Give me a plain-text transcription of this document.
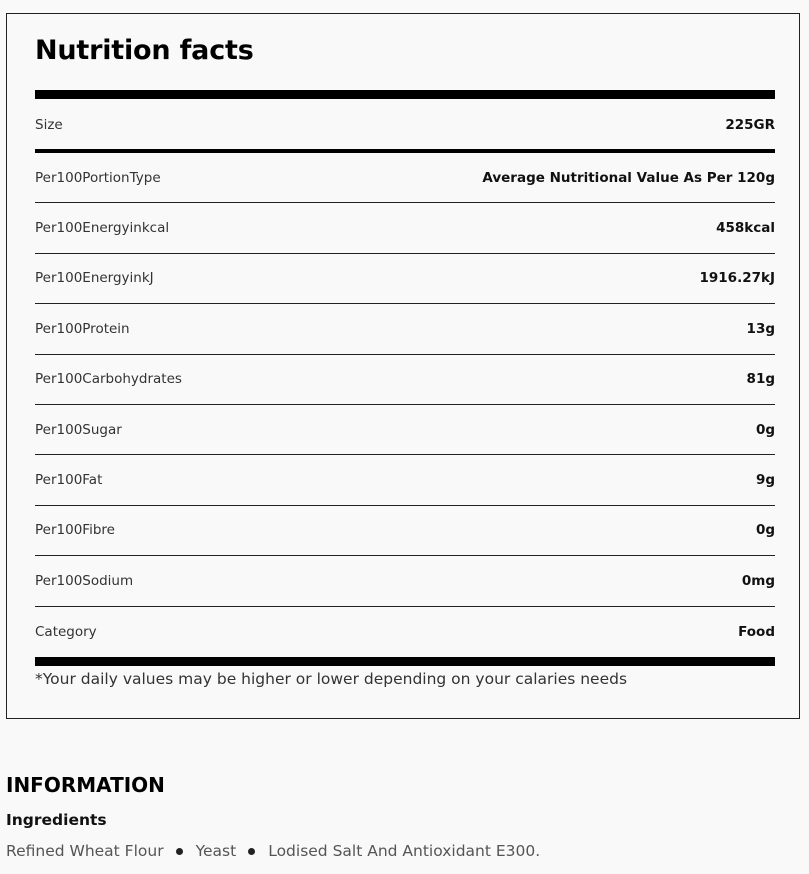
Nutrition facts
Size	225GR
Per100PortionType	Average Nutritional Value As Per 120g
Per100Energyinkcal	458kcal
Per100EnergyinkJ	1916.27kJ
Per100Protein	13g
Per100Carbohydrates	81g
Per100Sugar	0g
Per100Fat	9g
Per100Fibre	0g
Per100Sodium	0mg
Category	Food

*Your daily values may be higher or lower depending on your calaries needs

INFORMATION
Ingredients
Refined Wheat Flour Yeast Lodised Salt And Antioxidant E300.
